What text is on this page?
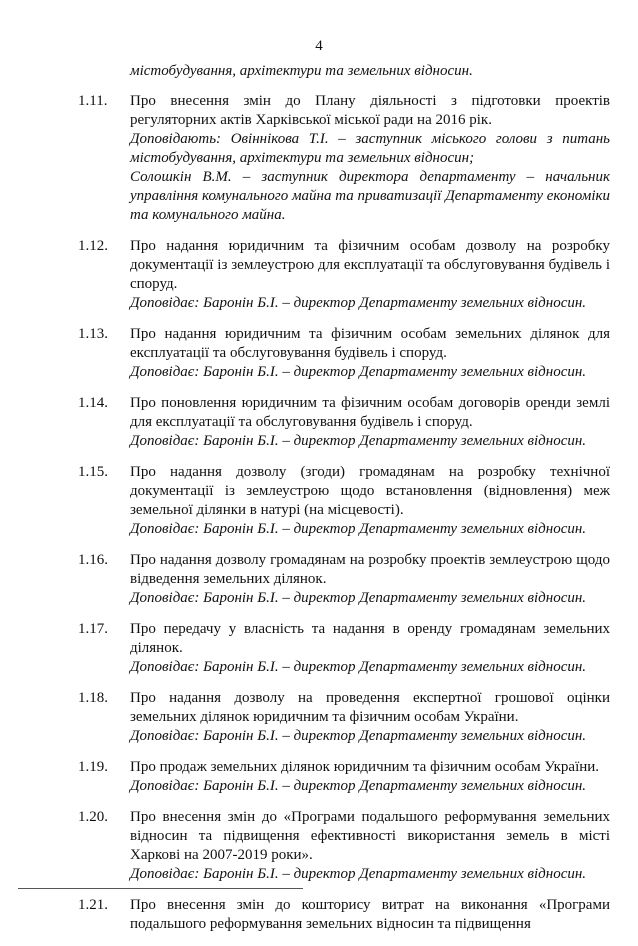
4
містобудування, архітектури та земельних відносин.
1.11. Про внесення змін до Плану діяльності з підготовки проектів регуляторних актів Харківської міської ради на 2016 рік.
Доповідають: Овіннікова Т.І. – заступник міського голови з питань містобудування, архітектури та земельних відносин;
Солошкін В.М. – заступник директора департаменту – начальник управління комунального майна та приватизації Департаменту економіки та комунального майна.
1.12. Про надання юридичним та фізичним особам дозволу на розробку документації із землеустрою для експлуатації та обслуговування будівель і споруд.
Доповідає: Баронін Б.І. – директор Департаменту земельних відносин.
1.13. Про надання юридичним та фізичним особам земельних ділянок для експлуатації та обслуговування будівель і споруд.
Доповідає: Баронін Б.І. – директор Департаменту земельних відносин.
1.14. Про поновлення юридичним та фізичним особам договорів оренди землі для експлуатації та обслуговування будівель і споруд.
Доповідає: Баронін Б.І. – директор Департаменту земельних відносин.
1.15. Про надання дозволу (згоди) громадянам на розробку технічної документації із землеустрою щодо встановлення (відновлення) меж земельної ділянки в натурі (на місцевості).
Доповідає: Баронін Б.І. – директор Департаменту земельних відносин.
1.16. Про надання дозволу громадянам на розробку проектів землеустрою щодо відведення земельних ділянок.
Доповідає: Баронін Б.І. – директор Департаменту земельних відносин.
1.17. Про передачу у власність та надання в оренду громадянам земельних ділянок.
Доповідає: Баронін Б.І. – директор Департаменту земельних відносин.
1.18. Про надання дозволу на проведення експертної грошової оцінки земельних ділянок юридичним та фізичним особам України.
Доповідає: Баронін Б.І. – директор Департаменту земельних відносин.
1.19. Про продаж земельних ділянок юридичним та фізичним особам України.
Доповідає: Баронін Б.І. – директор Департаменту земельних відносин.
1.20. Про внесення змін до «Програми подальшого реформування земельних відносин та підвищення ефективності використання земель в місті Харкові на 2007-2019 роки».
Доповідає: Баронін Б.І. – директор Департаменту земельних відносин.
1.21. Про внесення змін до кошторису витрат на виконання «Програми подальшого реформування земельних відносин та підвищення
